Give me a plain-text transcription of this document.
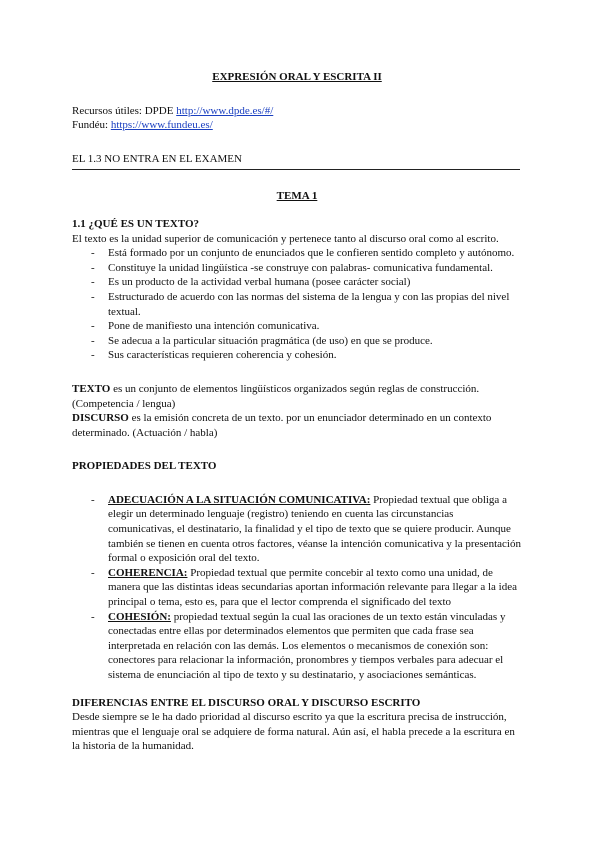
EXPRESIÓN ORAL Y ESCRITA II

Recursos útiles: DPDE http://www.dpde.es/#/

Fundéu: https://www.fundeu.es/

EL 1.3 NO ENTRA EN EL EXAMEN

TEMA 1

1.1 ¿QUÉ ES UN TEXTO?

El texto es la unidad superior de comunicación y pertenece tanto al discurso oral como al escrito.

- Está formado por un conjunto de enunciados que le confieren sentido completo y autónomo.
- Constituye la unidad lingüística -se construye con palabras- comunicativa fundamental.
- Es un producto de la actividad verbal humana (posee carácter social)
- Estructurado de acuerdo con las normas del sistema de la lengua y con las propias del nivel textual.
- Pone de manifiesto una intención comunicativa.
- Se adecua a la particular situación pragmática (de uso) en que se produce.
- Sus características requieren coherencia y cohesión.

TEXTO es un conjunto de elementos lingüísticos organizados según reglas de construcción. (Competencia / lengua)

DISCURSO es la emisión concreta de un texto. por un enunciador determinado en un contexto determinado. (Actuación / habla)

PROPIEDADES DEL TEXTO

- ADECUACIÓN A LA SITUACIÓN COMUNICATIVA: Propiedad textual que obliga a elegir un determinado lenguaje (registro) teniendo en cuenta las circunstancias comunicativas, el destinatario, la finalidad y el tipo de texto que se quiere producir. Aunque también se tienen en cuenta otros factores, véanse la intención comunicativa y la presentación formal o exposición oral del texto.
- COHERENCIA: Propiedad textual que permite concebir al texto como una unidad, de manera que las distintas ideas secundarias aportan información relevante para llegar a la idea principal o tema, esto es, para que el lector comprenda el significado del texto
- COHESIÓN: propiedad textual según la cual las oraciones de un texto están vinculadas y conectadas entre ellas por determinados elementos que permiten que cada frase sea interpretada en relación con las demás. Los elementos o mecanismos de conexión son: conectores para relacionar la información, pronombres y tiempos verbales para adecuar el sistema de enunciación al tipo de texto y su destinatario, y asociaciones semánticas.

DIFERENCIAS ENTRE EL DISCURSO ORAL Y DISCURSO ESCRITO

Desde siempre se le ha dado prioridad al discurso escrito ya que la escritura precisa de instrucción, mientras que el lenguaje oral se adquiere de forma natural. Aún así, el habla precede a la escritura en la historia de la humanidad.
